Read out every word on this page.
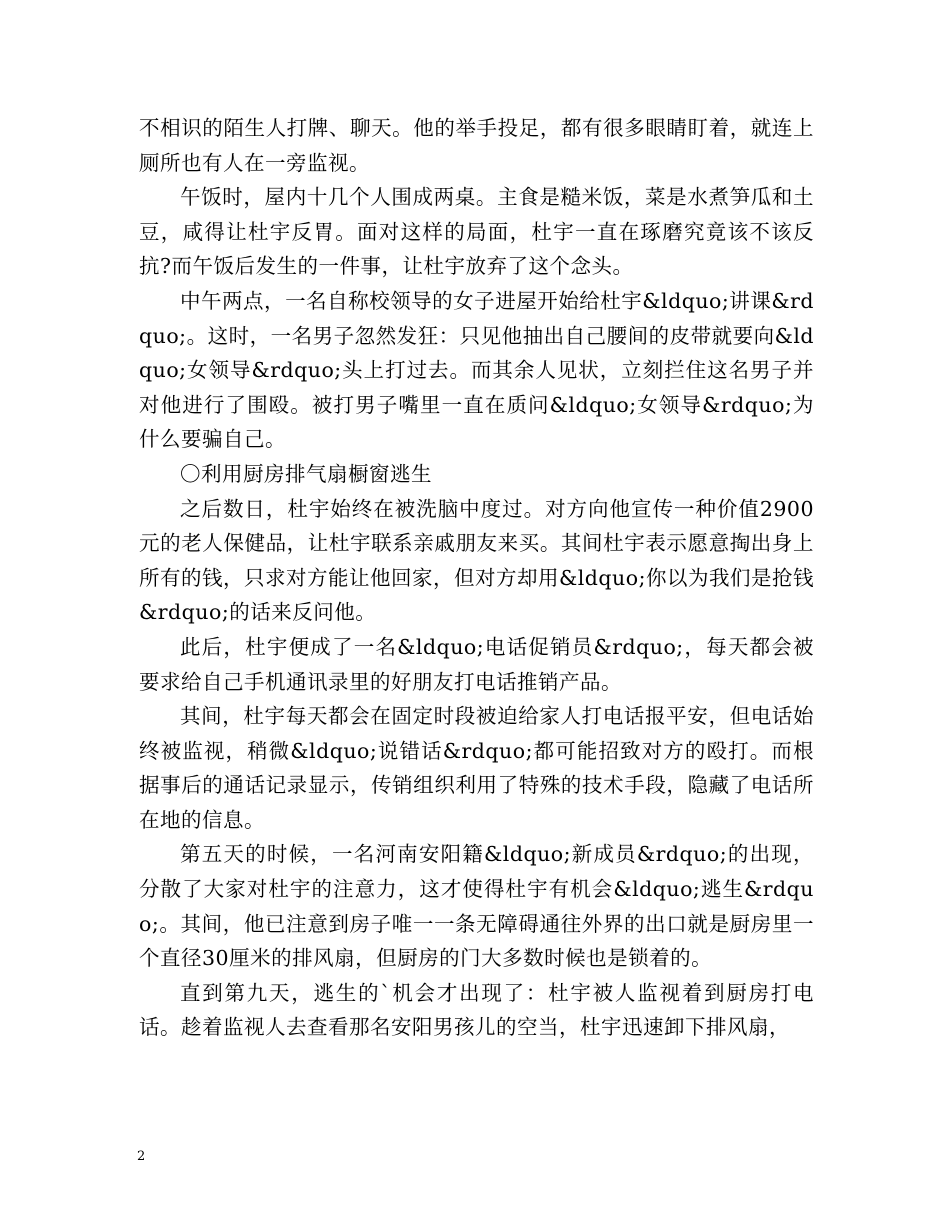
不相识的陌生人打牌、聊天。他的举手投足，都有很多眼睛盯着，就连上厕所也有人在一旁监视。

午饭时，屋内十几个人围成两桌。主食是糙米饭，菜是水煮笋瓜和土豆，咸得让杜宇反胃。面对这样的局面，杜宇一直在琢磨究竟该不该反抗?而午饭后发生的一件事，让杜宇放弃了这个念头。

中午两点，一名自称校领导的女子进屋开始给杜宇&ldquo;讲课&rdquo;。这时，一名男子忽然发狂：只见他抽出自己腰间的皮带就要向&ldquo;女领导&rdquo;头上打过去。而其余人见状，立刻拦住这名男子并对他进行了围殴。被打男子嘴里一直在质问&ldquo;女领导&rdquo;为什么要骗自己。

〇利用厨房排气扇橱窗逃生

之后数日，杜宇始终在被洗脑中度过。对方向他宣传一种价值2900元的老人保健品，让杜宇联系亲戚朋友来买。其间杜宇表示愿意掏出身上所有的钱，只求对方能让他回家，但对方却用&ldquo;你以为我们是抢钱&rdquo;的话来反问他。

此后，杜宇便成了一名&ldquo;电话促销员&rdquo;，每天都会被要求给自己手机通讯录里的好朋友打电话推销产品。

其间，杜宇每天都会在固定时段被迫给家人打电话报平安，但电话始终被监视，稍微&ldquo;说错话&rdquo;都可能招致对方的殴打。而根据事后的通话记录显示，传销组织利用了特殊的技术手段，隐藏了电话所在地的信息。

第五天的时候，一名河南安阳籍&ldquo;新成员&rdquo;的出现，分散了大家对杜宇的注意力，这才使得杜宇有机会&ldquo;逃生&rdquo;。其间，他已注意到房子唯一一条无障碍通往外界的出口就是厨房里一个直径30厘米的排风扇，但厨房的门大多数时候也是锁着的。

直到第九天，逃生的`机会才出现了：杜宇被人监视着到厨房打电话。趁着监视人去查看那名安阳男孩儿的空当，杜宇迅速卸下排风扇，

2
